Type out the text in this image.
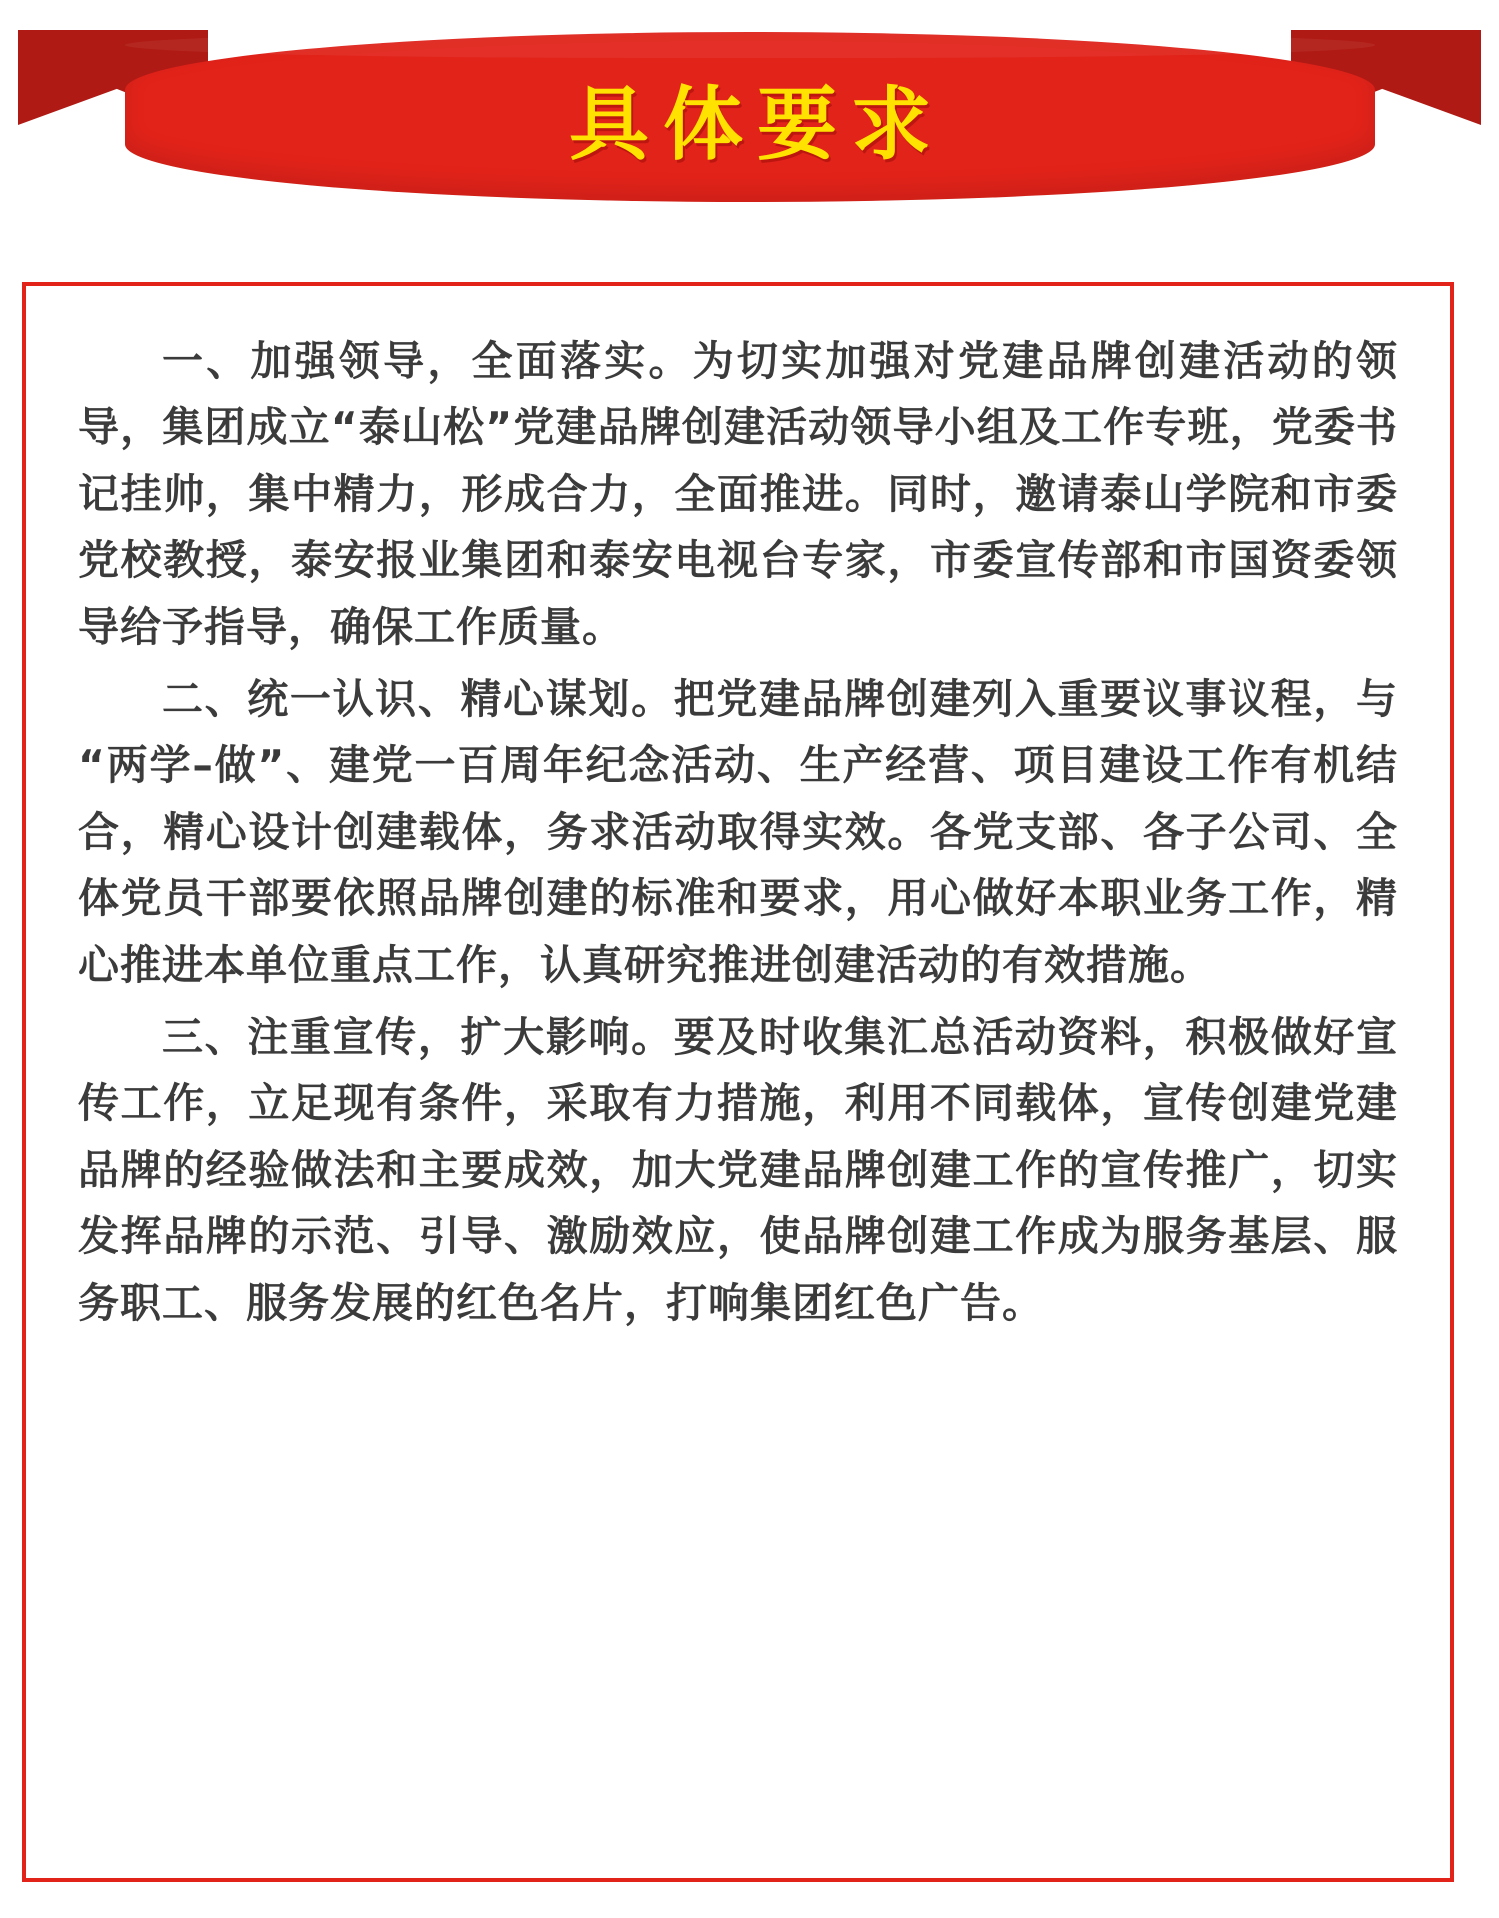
具体要求

一、加强领导，全面落实。为切实加强对党建品牌创建活动的领导，集团成立“泰山松”党建品牌创建活动领导小组及工作专班，党委书记挂帅，集中精力，形成合力，全面推进。同时，邀请泰山学院和市委党校教授，泰安报业集团和泰安电视台专家，市委宣传部和市国资委领导给予指导，确保工作质量。

二、统一认识、精心谋划。把党建品牌创建列入重要议事议程，与“两学–做”、建党一百周年纪念活动、生产经营、项目建设工作有机结合，精心设计创建载体，务求活动取得实效。各党支部、各子公司、全体党员干部要依照品牌创建的标准和要求，用心做好本职业务工作，精心推进本单位重点工作，认真研究推进创建活动的有效措施。

三、注重宣传，扩大影响。要及时收集汇总活动资料，积极做好宣传工作，立足现有条件，采取有力措施，利用不同载体，宣传创建党建品牌的经验做法和主要成效，加大党建品牌创建工作的宣传推广，切实发挥品牌的示范、引导、激励效应，使品牌创建工作成为服务基层、服务职工、服务发展的红色名片，打响集团红色广告。
